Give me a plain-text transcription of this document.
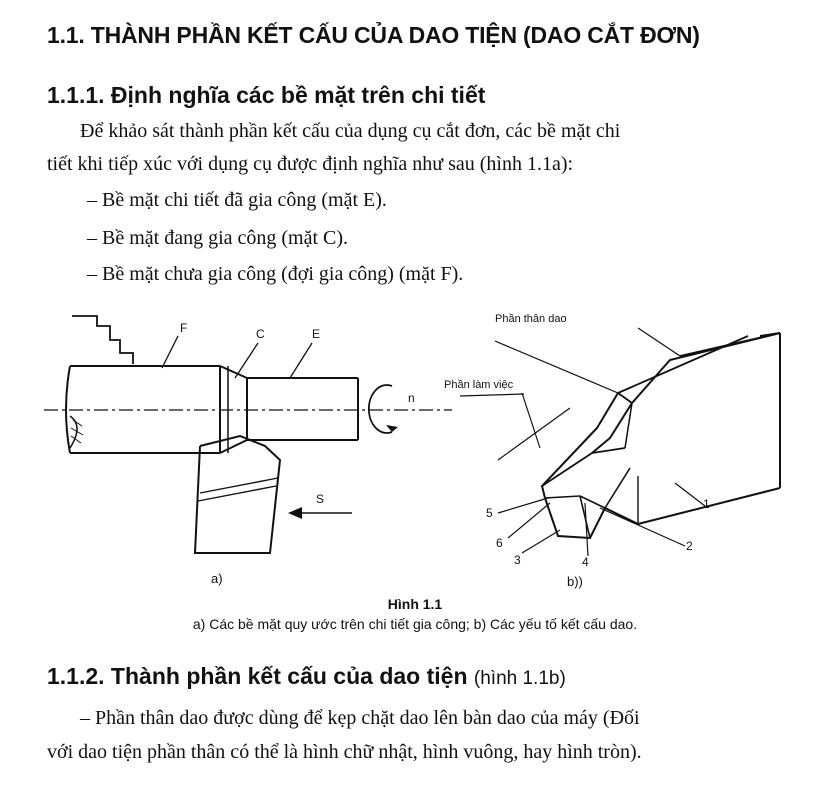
1.1. THÀNH PHẦN KẾT CẤU CỦA DAO TIỆN (DAO CẮT ĐƠN)
1.1.1. Định nghĩa các bề mặt trên chi tiết

Để khảo sát thành phần kết cấu của dụng cụ cắt đơn, các bề mặt chi

tiết khi tiếp xúc với dụng cụ được định nghĩa như sau (hình 1.1a):

– Bề mặt chi tiết đã gia công (mặt E).

– Bề mặt đang gia công (mặt C).

– Bề mặt chưa gia công (đợi gia công) (mặt F).

F	C	E
n
S
a)
Phần thân dao
Phần làm việc
1
2
3	4
5
6
b))

Hình 1.1

a) Các bề mặt quy ước trên chi tiết gia công; b) Các yếu tố kết cấu dao.

1.1.2. Thành phần kết cấu của dao tiện (hình 1.1b)

– Phần thân dao được dùng để kẹp chặt dao lên bàn dao của máy (Đối

với dao tiện phần thân có thể là hình chữ nhật, hình vuông, hay hình tròn).
